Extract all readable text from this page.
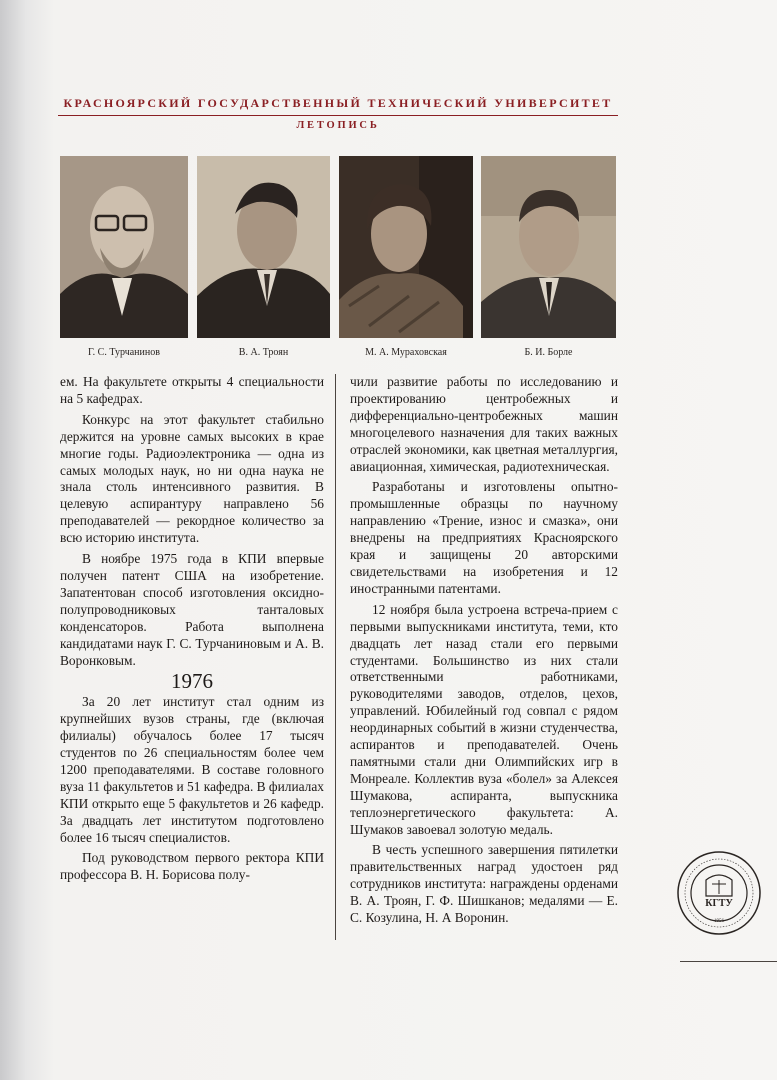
КРАСНОЯРСКИЙ ГОСУДАРСТВЕННЫЙ ТЕХНИЧЕСКИЙ УНИВЕРСИТЕТ
ЛЕТОПИСЬ
Г. С. Турчанинов	В. А. Троян	М. А. Мураховская	Б. И. Борле

ем. На факультете открыты 4 специальности на 5 кафедрах.

Конкурс на этот факультет стабильно держится на уровне самых высоких в крае многие годы. Радиоэлектроника — одна из самых молодых наук, но ни одна наука не знала столь интенсивного развития. В целевую аспирантуру направлено 56 преподавателей — рекордное количество за всю историю института.

В ноябре 1975 года в КПИ впервые получен патент США на изобретение. Запатентован способ изготовления оксидно-полупроводниковых танталовых конденсаторов. Работа выполнена кандидатами наук Г. С. Турчаниновым и А. В. Воронковым.

1976

За 20 лет институт стал одним из крупнейших вузов страны, где (включая филиалы) обучалось более 17 тысяч студентов по 26 специальностям более чем 1200 преподавателями. В составе головного вуза 11 факультетов и 51 кафедра. В филиалах КПИ открыто еще 5 факультетов и 26 кафедр. За двадцать лет институтом подготовлено более 16 тысяч специалистов.

Под руководством первого ректора КПИ профессора В. Н. Борисова полу-

чили развитие работы по исследованию и проектированию центробежных и дифференциально-центробежных машин многоцелевого назначения для таких важных отраслей экономики, как цветная металлургия, авиационная, химическая, радиотехническая.

Разработаны и изготовлены опытно-промышленные образцы по научному направлению «Трение, износ и смазка», они внедрены на предприятиях Красноярского края и защищены 20 авторскими свидетельствами на изобретения и 12 иностранными патентами.

12 ноября была устроена встреча-прием с первыми выпускниками института, теми, кто двадцать лет назад стали его первыми студентами. Большинство из них стали ответственными работниками, руководителями заводов, отделов, цехов, управлений. Юбилейный год совпал с рядом неординарных событий в жизни студенчества, аспирантов и преподавателей. Очень памятными стали дни Олимпийских игр в Монреале. Коллектив вуза «болел» за Алексея Шумакова, аспиранта, выпускника теплоэнергетического факультета: А. Шумаков завоевал золотую медаль.

В честь успешного завершения пятилетки правительственных наград удостоен ряд сотрудников института: награждены орденами В. А. Троян, Г. Ф. Шишканов; медалями — Е. С. Козулина, Н. А Воронин.

КГТУ
1956
